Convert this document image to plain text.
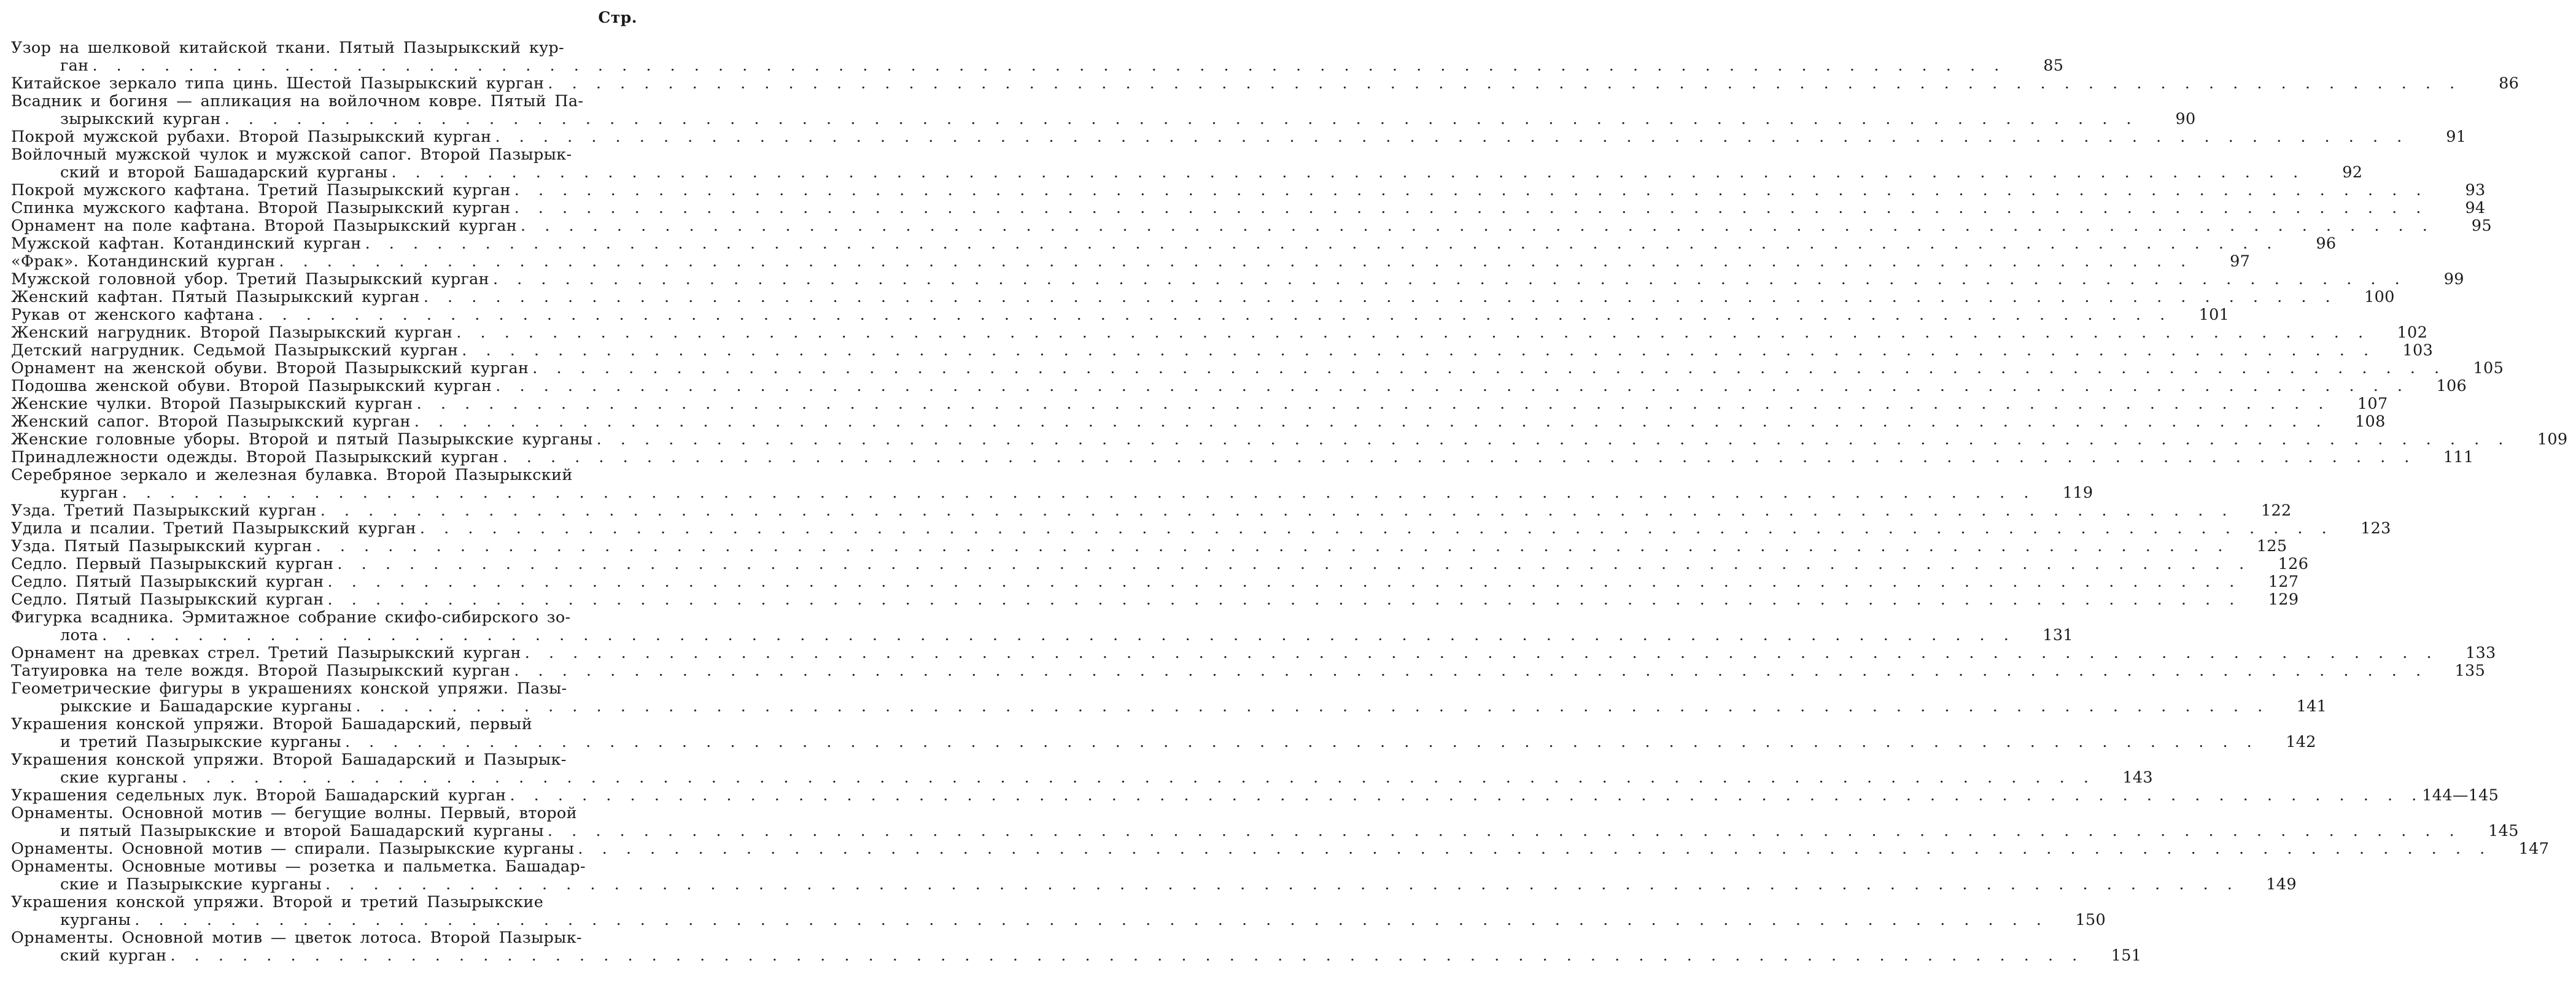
Стр.
Узор на шелковой китайской ткани. Пятый Пазырыкский кур-
ган . . . . . . . . . . . . . . . . . . . . . . . . . . . . . . . . . . . . . . . . . . . . . . . . . . . . . . . . . . . . . . . . . . . . . . . . . . . . . . . .	85
Китайское зеркало типа цинь. Шестой Пазырыкский курган . . . . . . . . . . . . . . . . . . . . . . . . . . . . . . . . . . . . . . . . . . . . . . . . . . . . . . . . . . . . . . . . . . . . . . . . . . . . . . . .	86
Всадник и богиня — апликация на войлочном ковре. Пятый Па-
зырыкский курган . . . . . . . . . . . . . . . . . . . . . . . . . . . . . . . . . . . . . . . . . . . . . . . . . . . . . . . . . . . . . . . . . . . . . . . . . . . . . . . .	90
Покрой мужской рубахи. Второй Пазырыкский курган . . . . . . . . . . . . . . . . . . . . . . . . . . . . . . . . . . . . . . . . . . . . . . . . . . . . . . . . . . . . . . . . . . . . . . . . . . . . . . . .	91
Войлочный мужской чулок и мужской сапог. Второй Пазырык-
ский и второй Башадарский курганы . . . . . . . . . . . . . . . . . . . . . . . . . . . . . . . . . . . . . . . . . . . . . . . . . . . . . . . . . . . . . . . . . . . . . . . . . . . . . . . .	92
Покрой мужского кафтана. Третий Пазырыкский курган . . . . . . . . . . . . . . . . . . . . . . . . . . . . . . . . . . . . . . . . . . . . . . . . . . . . . . . . . . . . . . . . . . . . . . . . . . . . . . . .	93
Спинка мужского кафтана. Второй Пазырыкский курган . . . . . . . . . . . . . . . . . . . . . . . . . . . . . . . . . . . . . . . . . . . . . . . . . . . . . . . . . . . . . . . . . . . . . . . . . . . . . . . .	94
Орнамент на поле кафтана. Второй Пазырыкский курган . . . . . . . . . . . . . . . . . . . . . . . . . . . . . . . . . . . . . . . . . . . . . . . . . . . . . . . . . . . . . . . . . . . . . . . . . . . . . . . .	95
Мужской кафтан. Котандинский курган . . . . . . . . . . . . . . . . . . . . . . . . . . . . . . . . . . . . . . . . . . . . . . . . . . . . . . . . . . . . . . . . . . . . . . . . . . . . . . . .	96
«Фрак». Котандинский курган . . . . . . . . . . . . . . . . . . . . . . . . . . . . . . . . . . . . . . . . . . . . . . . . . . . . . . . . . . . . . . . . . . . . . . . . . . . . . . . .	97
Мужской головной убор. Третий Пазырыкский курган . . . . . . . . . . . . . . . . . . . . . . . . . . . . . . . . . . . . . . . . . . . . . . . . . . . . . . . . . . . . . . . . . . . . . . . . . . . . . . . .	99
Женский кафтан. Пятый Пазырыкский курган . . . . . . . . . . . . . . . . . . . . . . . . . . . . . . . . . . . . . . . . . . . . . . . . . . . . . . . . . . . . . . . . . . . . . . . . . . . . . . . .	100
Рукав от женского кафтана . . . . . . . . . . . . . . . . . . . . . . . . . . . . . . . . . . . . . . . . . . . . . . . . . . . . . . . . . . . . . . . . . . . . . . . . . . . . . . . .	101
Женский нагрудник. Второй Пазырыкский курган . . . . . . . . . . . . . . . . . . . . . . . . . . . . . . . . . . . . . . . . . . . . . . . . . . . . . . . . . . . . . . . . . . . . . . . . . . . . . . . .	102
Детский нагрудник. Седьмой Пазырыкский курган . . . . . . . . . . . . . . . . . . . . . . . . . . . . . . . . . . . . . . . . . . . . . . . . . . . . . . . . . . . . . . . . . . . . . . . . . . . . . . . .	103
Орнамент на женской обуви. Второй Пазырыкский курган . . . . . . . . . . . . . . . . . . . . . . . . . . . . . . . . . . . . . . . . . . . . . . . . . . . . . . . . . . . . . . . . . . . . . . . . . . . . . . . .	105
Подошва женской обуви. Второй Пазырыкский курган . . . . . . . . . . . . . . . . . . . . . . . . . . . . . . . . . . . . . . . . . . . . . . . . . . . . . . . . . . . . . . . . . . . . . . . . . . . . . . . .	106
Женские чулки. Второй Пазырыкский курган . . . . . . . . . . . . . . . . . . . . . . . . . . . . . . . . . . . . . . . . . . . . . . . . . . . . . . . . . . . . . . . . . . . . . . . . . . . . . . . .	107
Женский сапог. Второй Пазырыкский курган . . . . . . . . . . . . . . . . . . . . . . . . . . . . . . . . . . . . . . . . . . . . . . . . . . . . . . . . . . . . . . . . . . . . . . . . . . . . . . . .	108
Женские головные уборы. Второй и пятый Пазырыкские курганы . . . . . . . . . . . . . . . . . . . . . . . . . . . . . . . . . . . . . . . . . . . . . . . . . . . . . . . . . . . . . . . . . . . . . . . . . . . . . . . .	109
Принадлежности одежды. Второй Пазырыкский курган . . . . . . . . . . . . . . . . . . . . . . . . . . . . . . . . . . . . . . . . . . . . . . . . . . . . . . . . . . . . . . . . . . . . . . . . . . . . . . . .	111
Серебряное зеркало и железная булавка. Второй Пазырыкский
курган . . . . . . . . . . . . . . . . . . . . . . . . . . . . . . . . . . . . . . . . . . . . . . . . . . . . . . . . . . . . . . . . . . . . . . . . . . . . . . . .	119
Узда. Третий Пазырыкский курган . . . . . . . . . . . . . . . . . . . . . . . . . . . . . . . . . . . . . . . . . . . . . . . . . . . . . . . . . . . . . . . . . . . . . . . . . . . . . . . .	122
Удила и псалии. Третий Пазырыкский курган . . . . . . . . . . . . . . . . . . . . . . . . . . . . . . . . . . . . . . . . . . . . . . . . . . . . . . . . . . . . . . . . . . . . . . . . . . . . . . . .	123
Узда. Пятый Пазырыкский курган . . . . . . . . . . . . . . . . . . . . . . . . . . . . . . . . . . . . . . . . . . . . . . . . . . . . . . . . . . . . . . . . . . . . . . . . . . . . . . . .	125
Седло. Первый Пазырыкский курган . . . . . . . . . . . . . . . . . . . . . . . . . . . . . . . . . . . . . . . . . . . . . . . . . . . . . . . . . . . . . . . . . . . . . . . . . . . . . . . .	126
Седло. Пятый Пазырыкский курган . . . . . . . . . . . . . . . . . . . . . . . . . . . . . . . . . . . . . . . . . . . . . . . . . . . . . . . . . . . . . . . . . . . . . . . . . . . . . . . .	127
Седло. Пятый Пазырыкский курган . . . . . . . . . . . . . . . . . . . . . . . . . . . . . . . . . . . . . . . . . . . . . . . . . . . . . . . . . . . . . . . . . . . . . . . . . . . . . . . .	129
Фигурка всадника. Эрмитажное собрание скифо-сибирского зо-
лота . . . . . . . . . . . . . . . . . . . . . . . . . . . . . . . . . . . . . . . . . . . . . . . . . . . . . . . . . . . . . . . . . . . . . . . . . . . . . . . .	131
Орнамент на древках стрел. Третий Пазырыкский курган . . . . . . . . . . . . . . . . . . . . . . . . . . . . . . . . . . . . . . . . . . . . . . . . . . . . . . . . . . . . . . . . . . . . . . . . . . . . . . . .	133
Татуировка на теле вождя. Второй Пазырыкский курган . . . . . . . . . . . . . . . . . . . . . . . . . . . . . . . . . . . . . . . . . . . . . . . . . . . . . . . . . . . . . . . . . . . . . . . . . . . . . . . .	135
Геометрические фигуры в украшениях конской упряжи. Пазы-
рыкские и Башадарские курганы . . . . . . . . . . . . . . . . . . . . . . . . . . . . . . . . . . . . . . . . . . . . . . . . . . . . . . . . . . . . . . . . . . . . . . . . . . . . . . . .	141
Украшения конской упряжи. Второй Башадарский, первый
и третий Пазырыкские курганы . . . . . . . . . . . . . . . . . . . . . . . . . . . . . . . . . . . . . . . . . . . . . . . . . . . . . . . . . . . . . . . . . . . . . . . . . . . . . . . .	142
Украшения конской упряжи. Второй Башадарский и Пазырык-
ские курганы . . . . . . . . . . . . . . . . . . . . . . . . . . . . . . . . . . . . . . . . . . . . . . . . . . . . . . . . . . . . . . . . . . . . . . . . . . . . . . . .	143
Украшения седельных лук. Второй Башадарский курган . . . . . . . . . . . . . . . . . . . . . . . . . . . . . . . . . . . . . . . . . . . . . . . . . . . . . . . . . . . . . . . . . . . . . . . . . . . . . . . . 144—145
Орнаменты. Основной мотив — бегущие волны. Первый, второй
и пятый Пазырыкские и второй Башадарский курганы . . . . . . . . . . . . . . . . . . . . . . . . . . . . . . . . . . . . . . . . . . . . . . . . . . . . . . . . . . . . . . . . . . . . . . . . . . . . . . . .	145
Орнаменты. Основной мотив — спирали. Пазырыкские курганы . . . . . . . . . . . . . . . . . . . . . . . . . . . . . . . . . . . . . . . . . . . . . . . . . . . . . . . . . . . . . . . . . . . . . . . . . . . . . . . .	147
Орнаменты. Основные мотивы — розетка и пальметка. Башадар-
ские и Пазырыкские курганы . . . . . . . . . . . . . . . . . . . . . . . . . . . . . . . . . . . . . . . . . . . . . . . . . . . . . . . . . . . . . . . . . . . . . . . . . . . . . . . .	149
Украшения конской упряжи. Второй и третий Пазырыкские
курганы . . . . . . . . . . . . . . . . . . . . . . . . . . . . . . . . . . . . . . . . . . . . . . . . . . . . . . . . . . . . . . . . . . . . . . . . . . . . . . . .	150
Орнаменты. Основной мотив — цветок лотоса. Второй Пазырык-
ский курган . . . . . . . . . . . . . . . . . . . . . . . . . . . . . . . . . . . . . . . . . . . . . . . . . . . . . . . . . . . . . . . . . . . . . . . . . . . . . . . .	151
